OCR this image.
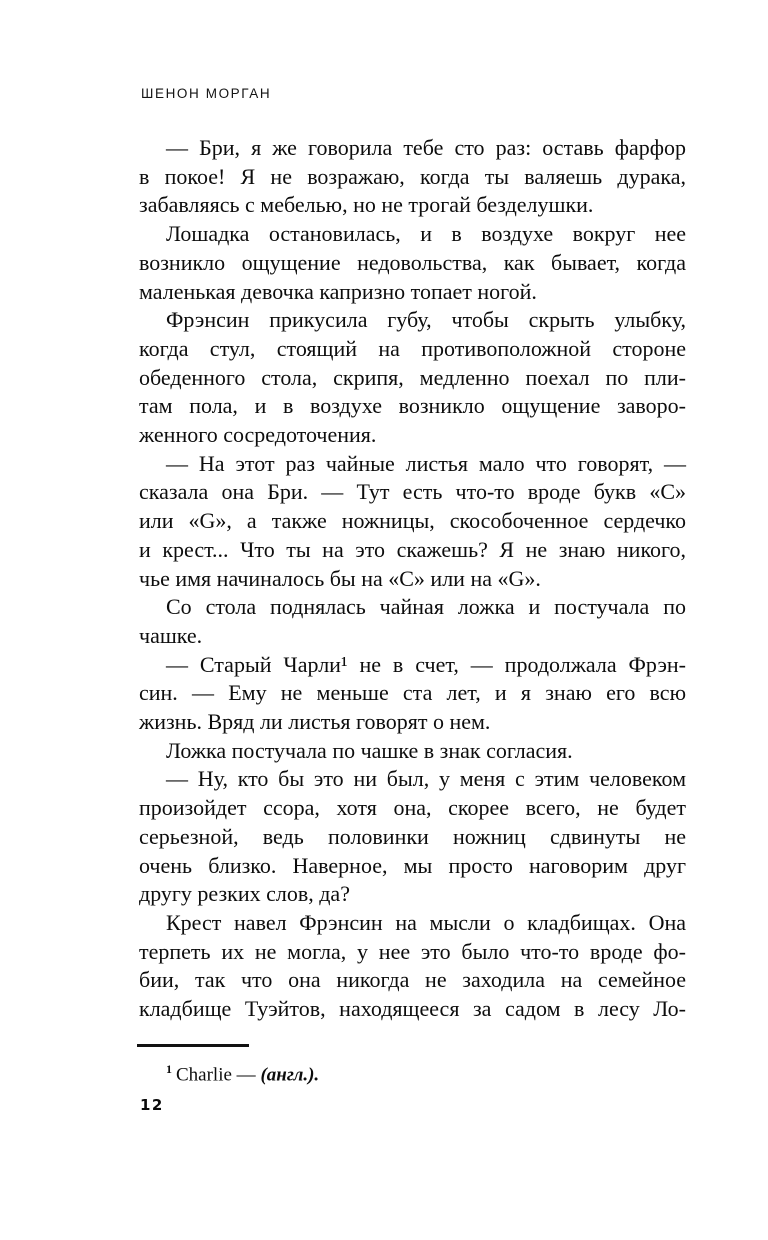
ШЕНОН МОРГАН
— Бри, я же говорила тебе сто раз: оставь фарфор
в покое! Я не возражаю, когда ты валяешь дурака,
забавляясь с мебелью, но не трогай безделушки.
Лошадка остановилась, и в воздухе вокруг нее
возникло ощущение недовольства, как бывает, когда
маленькая девочка капризно топает ногой.
Фрэнсин прикусила губу, чтобы скрыть улыбку,
когда стул, стоящий на противоположной стороне
обеденного стола, скрипя, медленно поехал по пли-
там пола, и в воздухе возникло ощущение заворо-
женного сосредоточения.
— На этот раз чайные листья мало что говорят, —
сказала она Бри. — Тут есть что-то вроде букв «С»
или «G», а также ножницы, скособоченное сердечко
и крест... Что ты на это скажешь? Я не знаю никого,
чье имя начиналось бы на «С» или на «G».
Со стола поднялась чайная ложка и постучала по
чашке.
— Старый Чарли¹ не в счет, — продолжала Фрэн-
син. — Ему не меньше ста лет, и я знаю его всю
жизнь. Вряд ли листья говорят о нем.
Ложка постучала по чашке в знак согласия.
— Ну, кто бы это ни был, у меня с этим человеком
произойдет ссора, хотя она, скорее всего, не будет
серьезной, ведь половинки ножниц сдвинуты не
очень близко. Наверное, мы просто наговорим друг
другу резких слов, да?
Крест навел Фрэнсин на мысли о кладбищах. Она
терпеть их не могла, у нее это было что-то вроде фо-
бии, так что она никогда не заходила на семейное
кладбище Туэйтов, находящееся за садом в лесу Ло-
$^1$ Charlie — (англ.).
12
